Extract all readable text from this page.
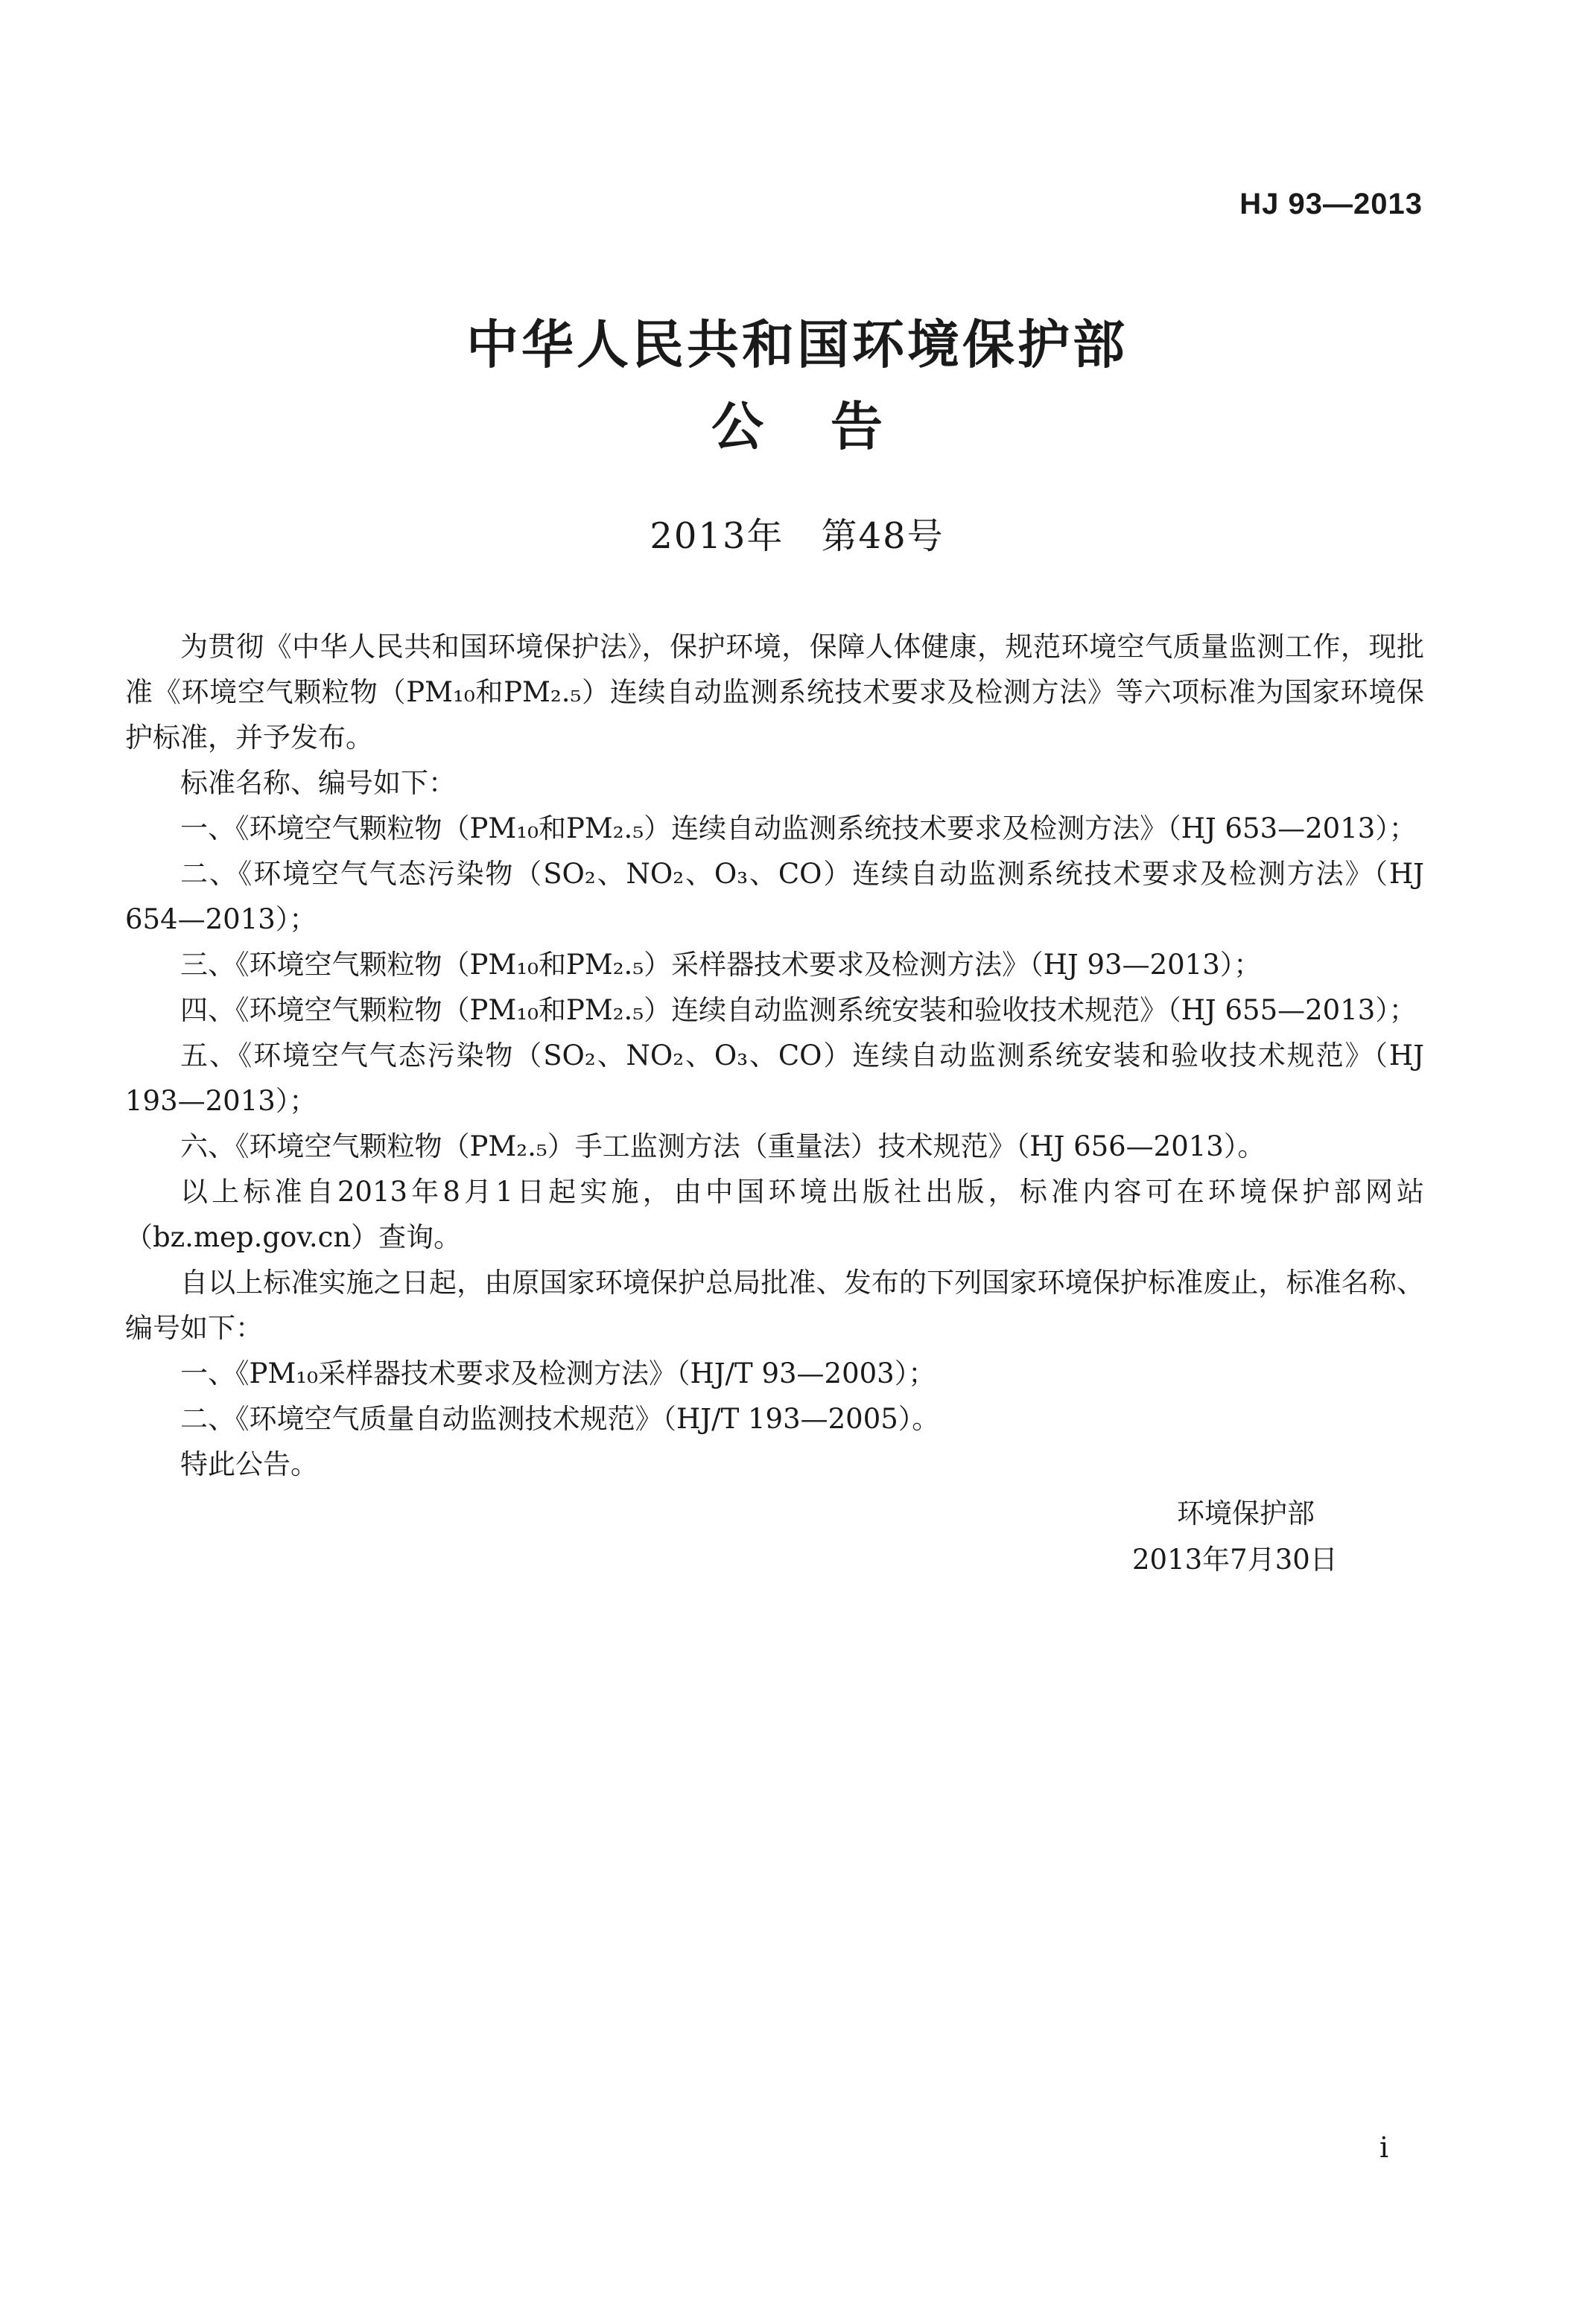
HJ 93—2013
中华人民共和国环境保护部
公告
2013年　第48号

为贯彻《中华人民共和国环境保护法》，保护环境，保障人体健康，规范环境空气质量监测工作，现批准《环境空气颗粒物（PM₁₀和PM₂.₅）连续自动监测系统技术要求及检测方法》等六项标准为国家环境保护标准，并予发布。

标准名称、编号如下：

一、《环境空气颗粒物（PM₁₀和PM₂.₅）连续自动监测系统技术要求及检测方法》（HJ 653—2013）；

二、《环境空气气态污染物（SO₂、NO₂、O₃、CO）连续自动监测系统技术要求及检测方法》（HJ 654—2013）；

三、《环境空气颗粒物（PM₁₀和PM₂.₅）采样器技术要求及检测方法》（HJ 93—2013）；

四、《环境空气颗粒物（PM₁₀和PM₂.₅）连续自动监测系统安装和验收技术规范》（HJ 655—2013）；

五、《环境空气气态污染物（SO₂、NO₂、O₃、CO）连续自动监测系统安装和验收技术规范》（HJ 193—2013）；

六、《环境空气颗粒物（PM₂.₅）手工监测方法（重量法）技术规范》（HJ 656—2013）。

以上标准自2013年8月1日起实施，由中国环境出版社出版，标准内容可在环境保护部网站（bz.mep.gov.cn）查询。

自以上标准实施之日起，由原国家环境保护总局批准、发布的下列国家环境保护标准废止，标准名称、编号如下：

一、《PM₁₀采样器技术要求及检测方法》（HJ/T 93—2003）；

二、《环境空气质量自动监测技术规范》（HJ/T 193—2005）。

特此公告。

环境保护部
2013年7月30日
i
